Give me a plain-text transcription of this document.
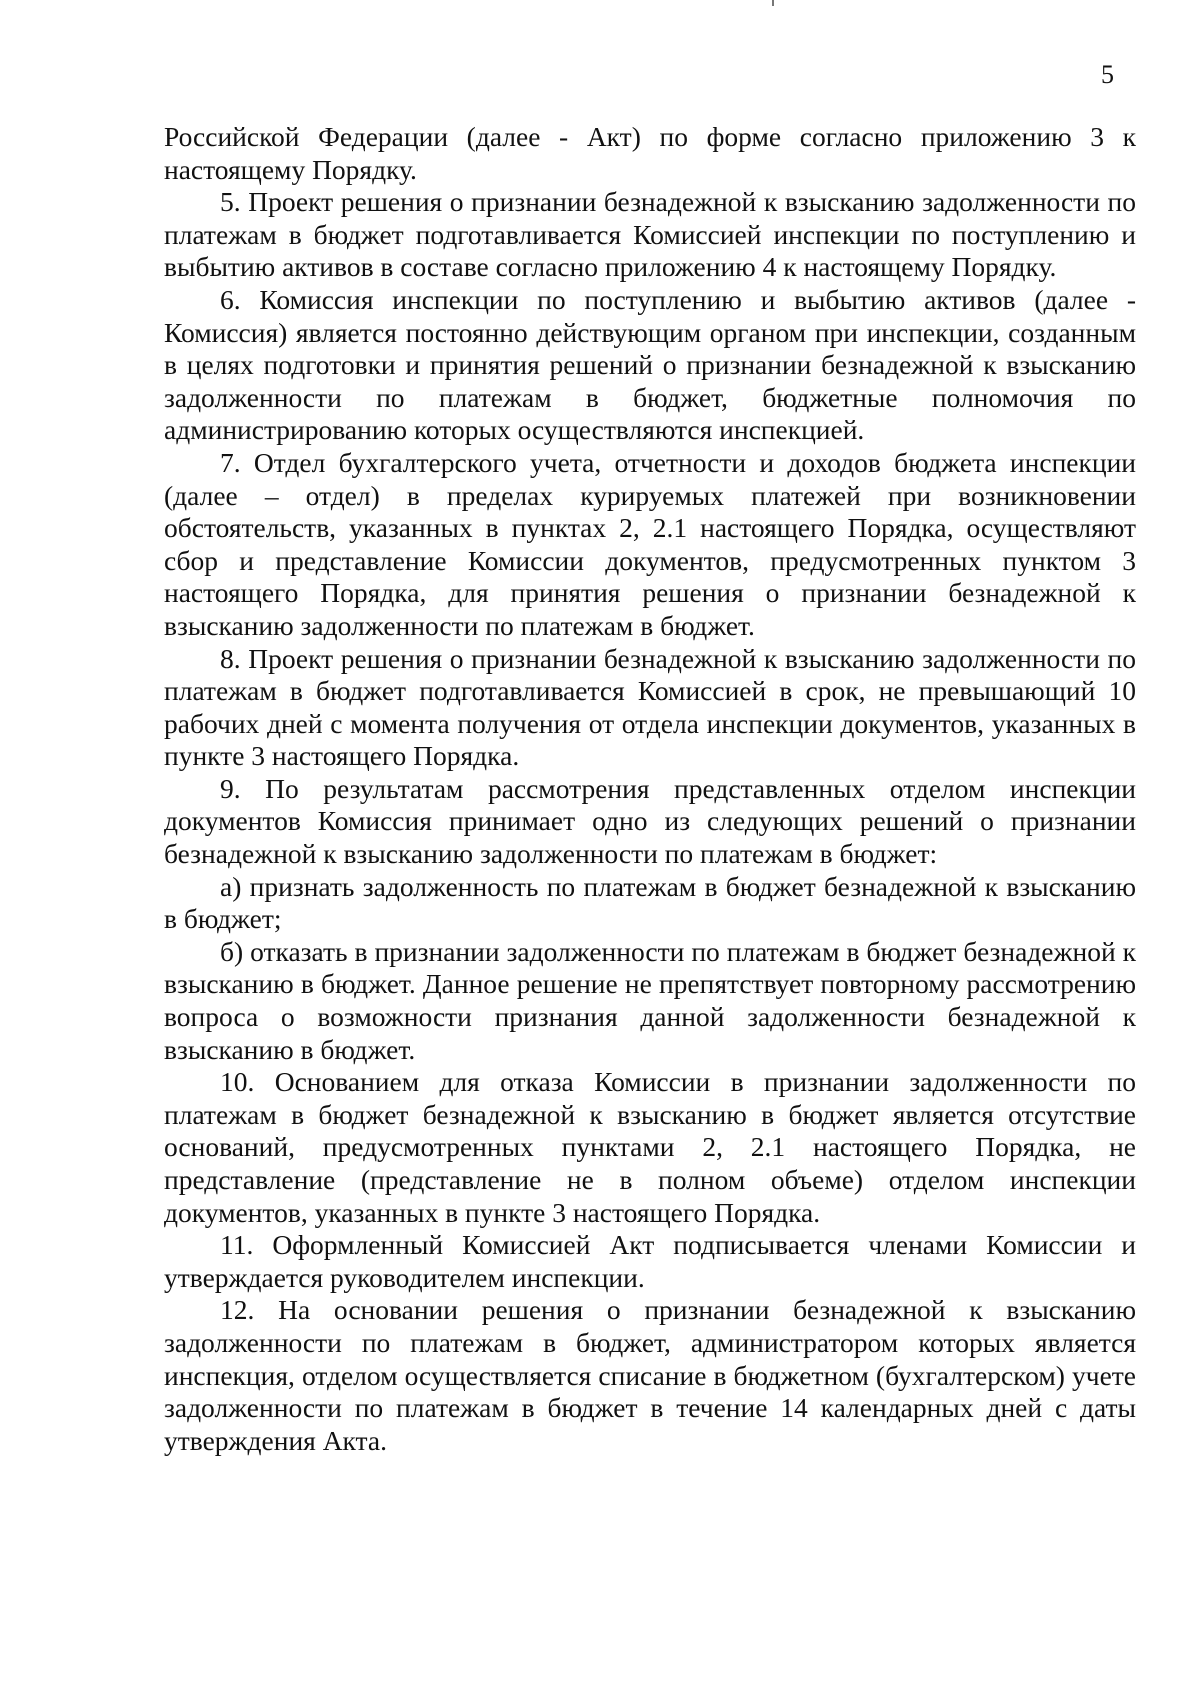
5

Российской Федерации (далее - Акт) по форме согласно приложению 3 к настоящему Порядку.

5. Проект решения о признании безнадежной к взысканию задолженности по платежам в бюджет подготавливается Комиссией инспекции по поступлению и выбытию активов в составе согласно приложению 4 к настоящему Порядку.

6. Комиссия инспекции по поступлению и выбытию активов (далее - Комиссия) является постоянно действующим органом при инспекции, созданным в целях подготовки и принятия решений о признании безнадежной к взысканию задолженности по платежам в бюджет, бюджетные полномочия по администрированию которых осуществляются инспекцией.

7. Отдел бухгалтерского учета, отчетности и доходов бюджета инспекции (далее – отдел) в пределах курируемых платежей при возникновении обстоятельств, указанных в пунктах 2, 2.1 настоящего Порядка, осуществляют сбор и представление Комиссии документов, предусмотренных пунктом 3 настоящего Порядка, для принятия решения о признании безнадежной к взысканию задолженности по платежам в бюджет.

8. Проект решения о признании безнадежной к взысканию задолженности по платежам в бюджет подготавливается Комиссией в срок, не превышающий 10 рабочих дней с момента получения от отдела инспекции документов, указанных в пункте 3 настоящего Порядка.

9. По результатам рассмотрения представленных отделом инспекции документов Комиссия принимает одно из следующих решений о признании безнадежной к взысканию задолженности по платежам в бюджет:

а) признать задолженность по платежам в бюджет безнадежной к взысканию в бюджет;

б) отказать в признании задолженности по платежам в бюджет безнадежной к взысканию в бюджет. Данное решение не препятствует повторному рассмотрению вопроса о возможности признания данной задолженности безнадежной к взысканию в бюджет.

10. Основанием для отказа Комиссии в признании задолженности по платежам в бюджет безнадежной к взысканию в бюджет является отсутствие оснований, предусмотренных пунктами 2, 2.1 настоящего Порядка, не представление (представление не в полном объеме) отделом инспекции документов, указанных в пункте 3 настоящего Порядка.

11. Оформленный Комиссией Акт подписывается членами Комиссии и утверждается руководителем инспекции.

12. На основании решения о признании безнадежной к взысканию задолженности по платежам в бюджет, администратором которых является инспекция, отделом осуществляется списание в бюджетном (бухгалтерском) учете задолженности по платежам в бюджет в течение 14 календарных дней с даты утверждения Акта.
